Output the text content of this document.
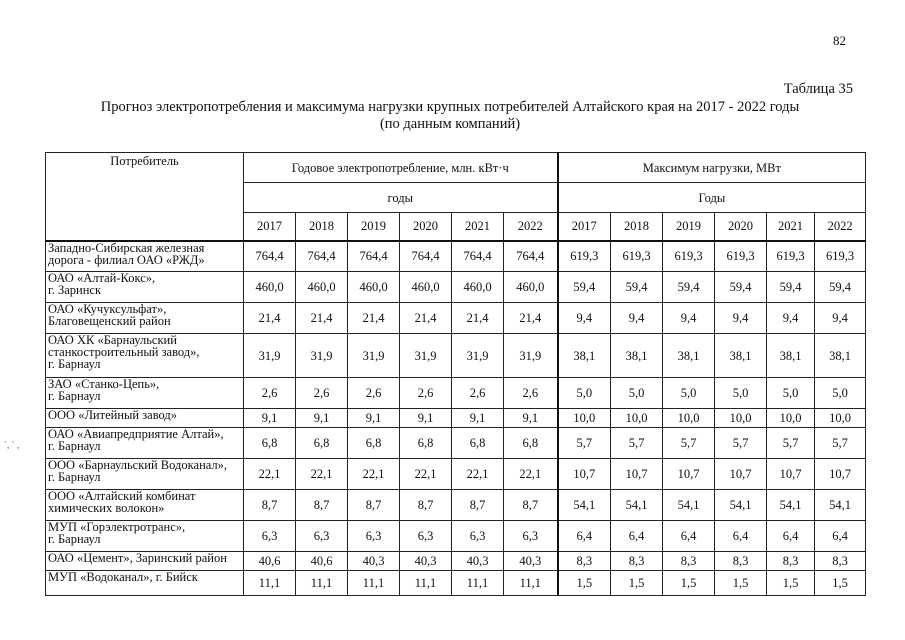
82
Таблица 35
Прогноз электропотребления и максимума нагрузки крупных потребителей Алтайского края на 2017 - 2022 годы
(по данным компаний)
`, ` ,
Потребитель	Годовое электропотребление, млн. кВт·ч						Максимум нагрузки, МВт					
	годы						Годы					
	2017	2018	2019	2020	2021	2022	2017	2018	2019	2020	2021	2022

Западно-Сибирская железная
дорога - филиал ОАО «РЖД»	764,4	764,4	764,4	764,4	764,4	764,4	619,3	619,3	619,3	619,3	619,3	619,3

ОАО «Алтай-Кокс»,
г. Заринск	460,0	460,0	460,0	460,0	460,0	460,0	59,4	59,4	59,4	59,4	59,4	59,4

ОАО «Кучуксульфат»,
Благовещенский район	21,4	21,4	21,4	21,4	21,4	21,4	9,4	9,4	9,4	9,4	9,4	9,4

ОАО ХК «Барнаульский
станкостроительный завод»,
г. Барнаул	31,9	31,9	31,9	31,9	31,9	31,9	38,1	38,1	38,1	38,1	38,1	38,1

ЗАО «Станко-Цепь»,
г. Барнаул	2,6	2,6	2,6	2,6	2,6	2,6	5,0	5,0	5,0	5,0	5,0	5,0

ООО «Литейный завод»	9,1	9,1	9,1	9,1	9,1	9,1	10,0	10,0	10,0	10,0	10,0	10,0

ОАО «Авиапредприятие Алтай»,
г. Барнаул	6,8	6,8	6,8	6,8	6,8	6,8	5,7	5,7	5,7	5,7	5,7	5,7

ООО «Барнаульский Водоканал»,
г. Барнаул	22,1	22,1	22,1	22,1	22,1	22,1	10,7	10,7	10,7	10,7	10,7	10,7

ООО «Алтайский комбинат
химических волокон»	8,7	8,7	8,7	8,7	8,7	8,7	54,1	54,1	54,1	54,1	54,1	54,1

МУП «Горэлектротранс»,
г. Барнаул	6,3	6,3	6,3	6,3	6,3	6,3	6,4	6,4	6,4	6,4	6,4	6,4

ОАО «Цемент», Заринский район	40,6	40,6	40,3	40,3	40,3	40,3	8,3	8,3	8,3	8,3	8,3	8,3

МУП «Водоканал», г. Бийск	11,1	11,1	11,1	11,1	11,1	11,1	1,5	1,5	1,5	1,5	1,5	1,5
